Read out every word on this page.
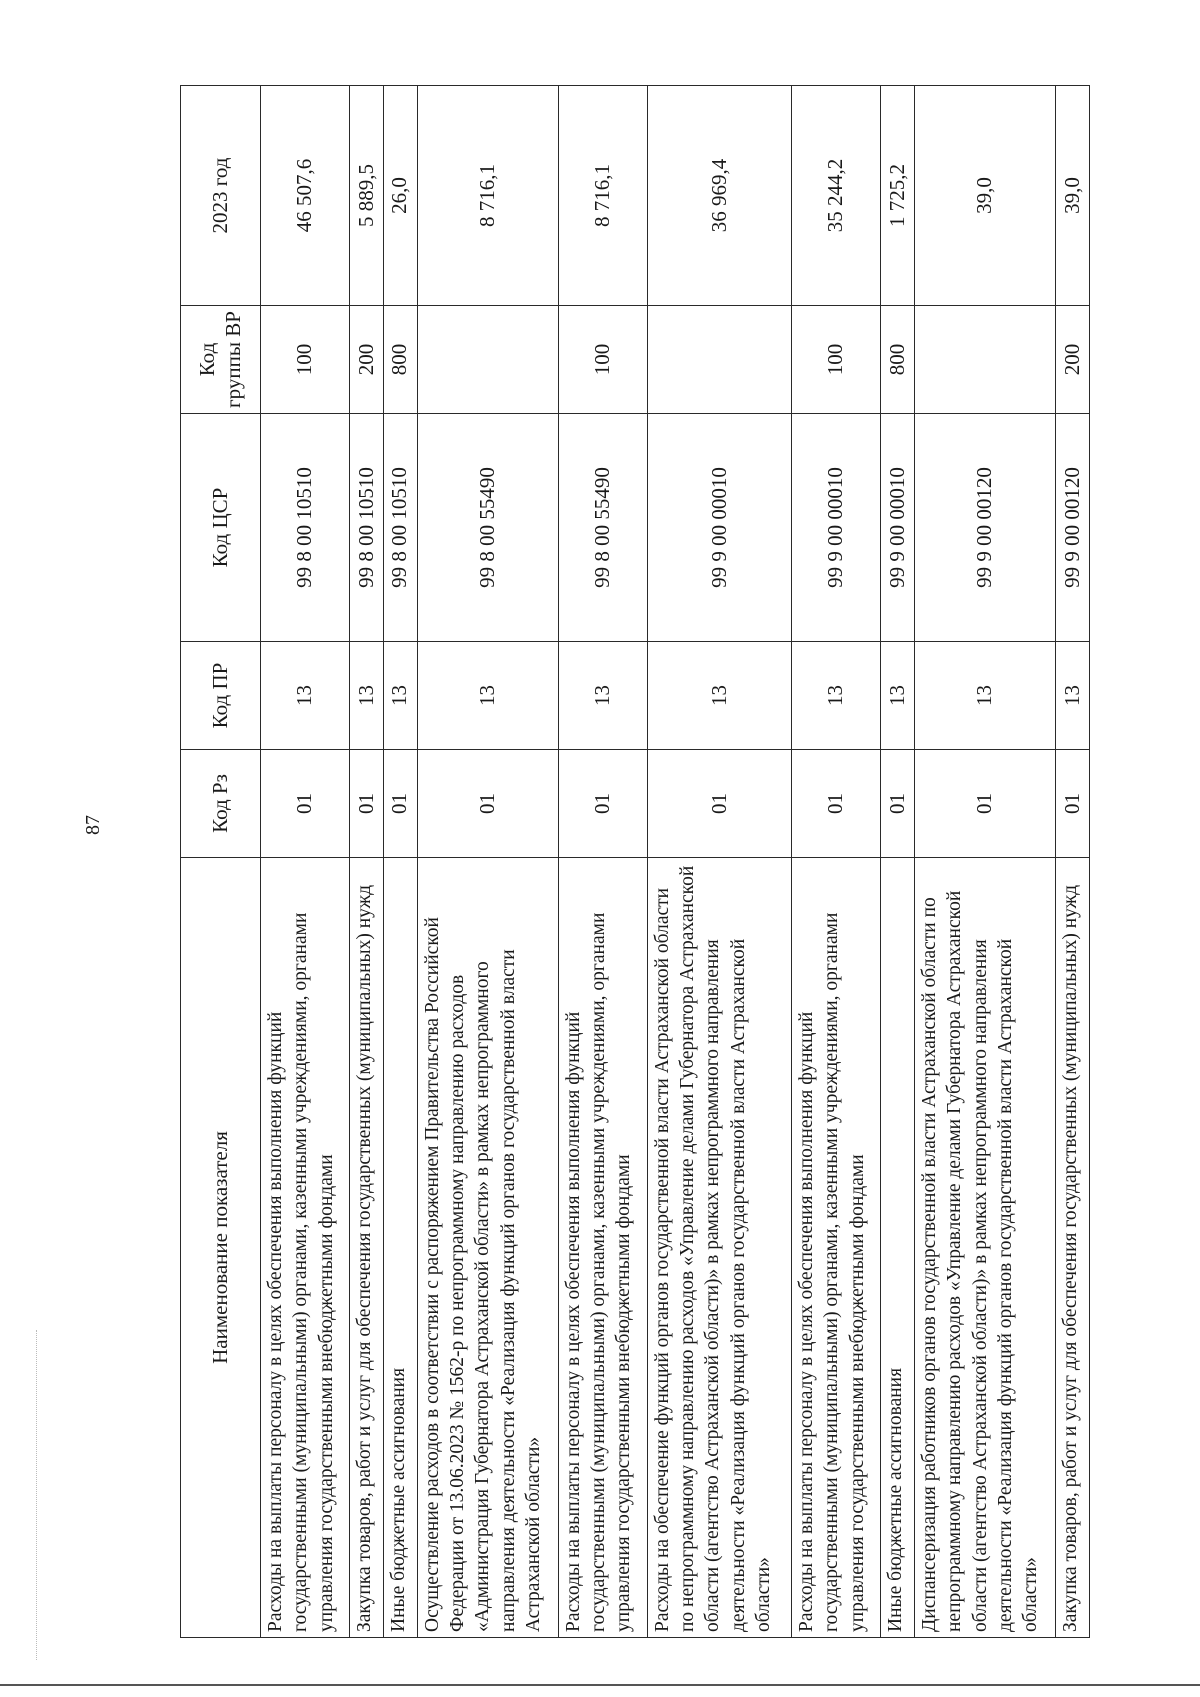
87
Наименование показателя	Код Рз	Код ПР	Код ЦСР	Код группы ВР	2023 год
Расходы на выплаты персоналу в целях обеспечения выполнения функций государственными (муниципальными) органами, казенными учреждениями, органами управления государственными внебюджетными фондами	01	13	99 8 00 10510	100	46 507,6
Закупка товаров, работ и услуг для обеспечения государственных (муниципальных) нужд	01	13	99 8 00 10510	200	5 889,5
Иные бюджетные ассигнования	01	13	99 8 00 10510	800	26,0
Осуществление расходов в соответствии с распоряжением Правительства Российской Федерации от 13.06.2023 № 1562-р по непрограммному направлению расходов «Администрация Губернатора Астраханской области» в рамках непрограммного направления деятельности «Реализация функций органов государственной власти Астраханской области»	01	13	99 8 00 55490		8 716,1
Расходы на выплаты персоналу в целях обеспечения выполнения функций государственными (муниципальными) органами, казенными учреждениями, органами управления государственными внебюджетными фондами	01	13	99 8 00 55490	100	8 716,1
Расходы на обеспечение функций органов государственной власти Астраханской области по непрограммному направлению расходов «Управление делами Губернатора Астраханской области (агентство Астраханской области)» в рамках непрограммного направления деятельности «Реализация функций органов государственной власти Астраханской области»	01	13	99 9 00 00010		36 969,4
Расходы на выплаты персоналу в целях обеспечения выполнения функций государственными (муниципальными) органами, казенными учреждениями, органами управления государственными внебюджетными фондами	01	13	99 9 00 00010	100	35 244,2
Иные бюджетные ассигнования	01	13	99 9 00 00010	800	1 725,2
Диспансеризация работников органов государственной власти Астраханской области по непрограммному направлению расходов «Управление делами Губернатора Астраханской области (агентство Астраханской области)» в рамках непрограммного направления деятельности «Реализация функций органов государственной власти Астраханской области»	01	13	99 9 00 00120		39,0
Закупка товаров, работ и услуг для обеспечения государственных (муниципальных) нужд	01	13	99 9 00 00120	200	39,0
